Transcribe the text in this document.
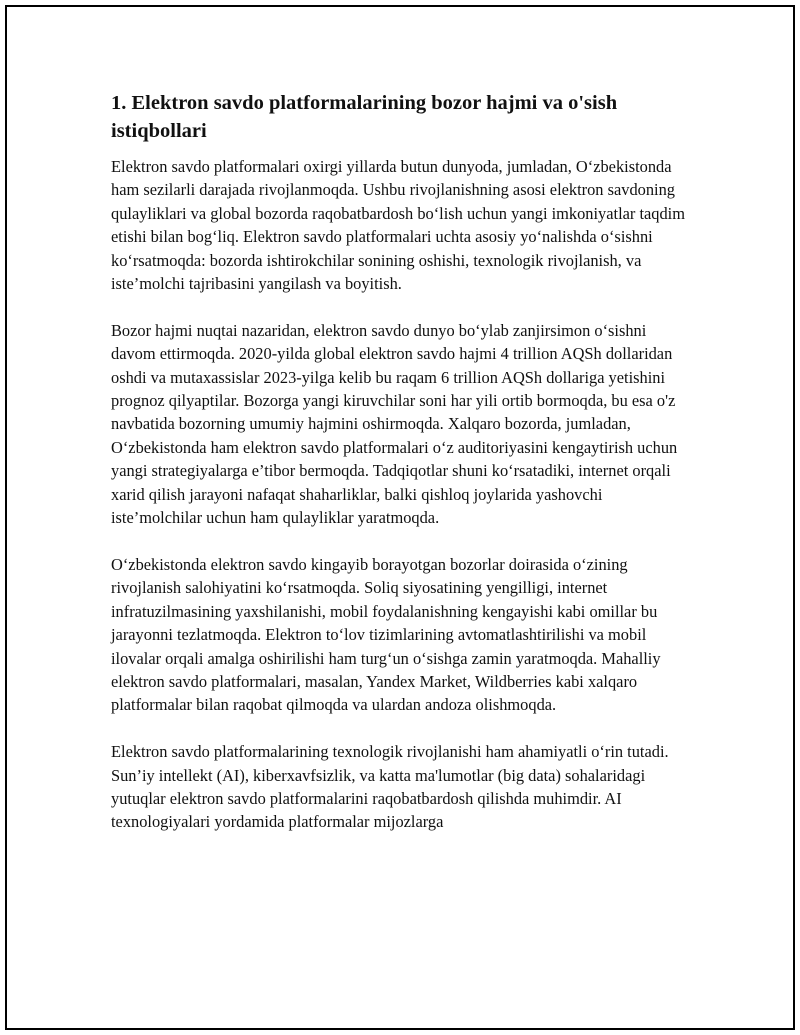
1. Elektron savdo platformalarining bozor hajmi va o'sish istiqbollari

Elektron savdo platformalari oxirgi yillarda butun dunyoda, jumladan, O‘zbekistonda ham sezilarli darajada rivojlanmoqda. Ushbu rivojlanishning asosi elektron savdoning qulayliklari va global bozorda raqobatbardosh bo‘lish uchun yangi imkoniyatlar taqdim etishi bilan bog‘liq. Elektron savdo platformalari uchta asosiy yo‘nalishda o‘sishni ko‘rsatmoqda: bozorda ishtirokchilar sonining oshishi, texnologik rivojlanish, va iste’molchi tajribasini yangilash va boyitish.

Bozor hajmi nuqtai nazaridan, elektron savdo dunyo bo‘ylab zanjirsimon o‘sishni davom ettirmoqda. 2020-yilda global elektron savdo hajmi 4 trillion AQSh dollaridan oshdi va mutaxassislar 2023-yilga kelib bu raqam 6 trillion AQSh dollariga yetishini prognoz qilyaptilar. Bozorga yangi kiruvchilar soni har yili ortib bormoqda, bu esa o'z navbatida bozorning umumiy hajmini oshirmoqda. Xalqaro bozorda, jumladan, O‘zbekistonda ham elektron savdo platformalari o‘z auditoriyasini kengaytirish uchun yangi strategiyalarga e’tibor bermoqda. Tadqiqotlar shuni ko‘rsatadiki, internet orqali xarid qilish jarayoni nafaqat shaharliklar, balki qishloq joylarida yashovchi iste’molchilar uchun ham qulayliklar yaratmoqda.

O‘zbekistonda elektron savdo kingayib borayotgan bozorlar doirasida o‘zining rivojlanish salohiyatini ko‘rsatmoqda. Soliq siyosatining yengilligi, internet infratuzilmasining yaxshilanishi, mobil foydalanishning kengayishi kabi omillar bu jarayonni tezlatmoqda. Elektron to‘lov tizimlarining avtomatlashtirilishi va mobil ilovalar orqali amalga oshirilishi ham turg‘un o‘sishga zamin yaratmoqda. Mahalliy elektron savdo platformalari, masalan, Yandex Market, Wildberries kabi xalqaro platformalar bilan raqobat qilmoqda va ulardan andoza olishmoqda.

Elektron savdo platformalarining texnologik rivojlanishi ham ahamiyatli o‘rin tutadi. Sun’iy intellekt (AI), kiberxavfsizlik, va katta ma'lumotlar (big data) sohalaridagi yutuqlar elektron savdo platformalarini raqobatbardosh qilishda muhimdir. AI texnologiyalari yordamida platformalar mijozlarga
